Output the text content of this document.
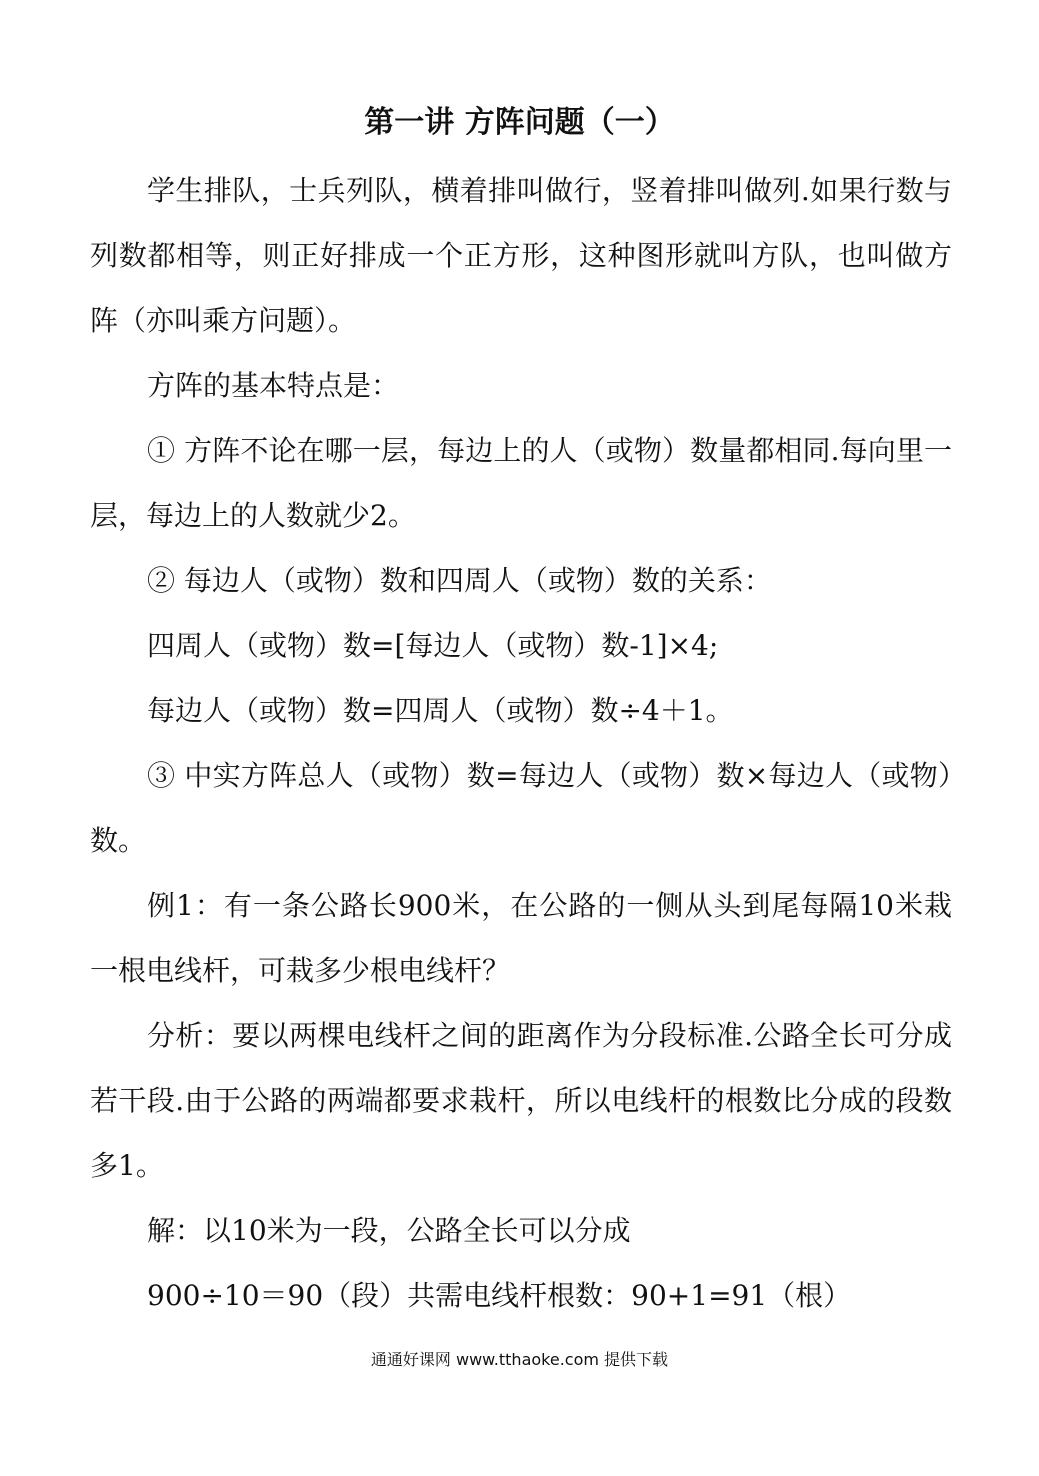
第一讲 方阵问题（一）

学生排队，士兵列队，横着排叫做行，竖着排叫做列.如果行数与列数都相等，则正好排成一个正方形，这种图形就叫方队，也叫做方阵（亦叫乘方问题）。

方阵的基本特点是：

① 方阵不论在哪一层，每边上的人（或物）数量都相同.每向里一层，每边上的人数就少2。

② 每边人（或物）数和四周人（或物）数的关系：

四周人（或物）数=[每边人（或物）数-1]×4;

每边人（或物）数=四周人（或物）数÷4＋1。

③ 中实方阵总人（或物）数=每边人（或物）数×每边人（或物）数。

例1：有一条公路长900米，在公路的一侧从头到尾每隔10米栽一根电线杆，可栽多少根电线杆？

分析：要以两棵电线杆之间的距离作为分段标准.公路全长可分成若干段.由于公路的两端都要求栽杆，所以电线杆的根数比分成的段数多1。

解：以10米为一段，公路全长可以分成

900÷10＝90（段）共需电线杆根数：90+1=91（根）

通通好课网 www.tthaoke.com 提供下载
